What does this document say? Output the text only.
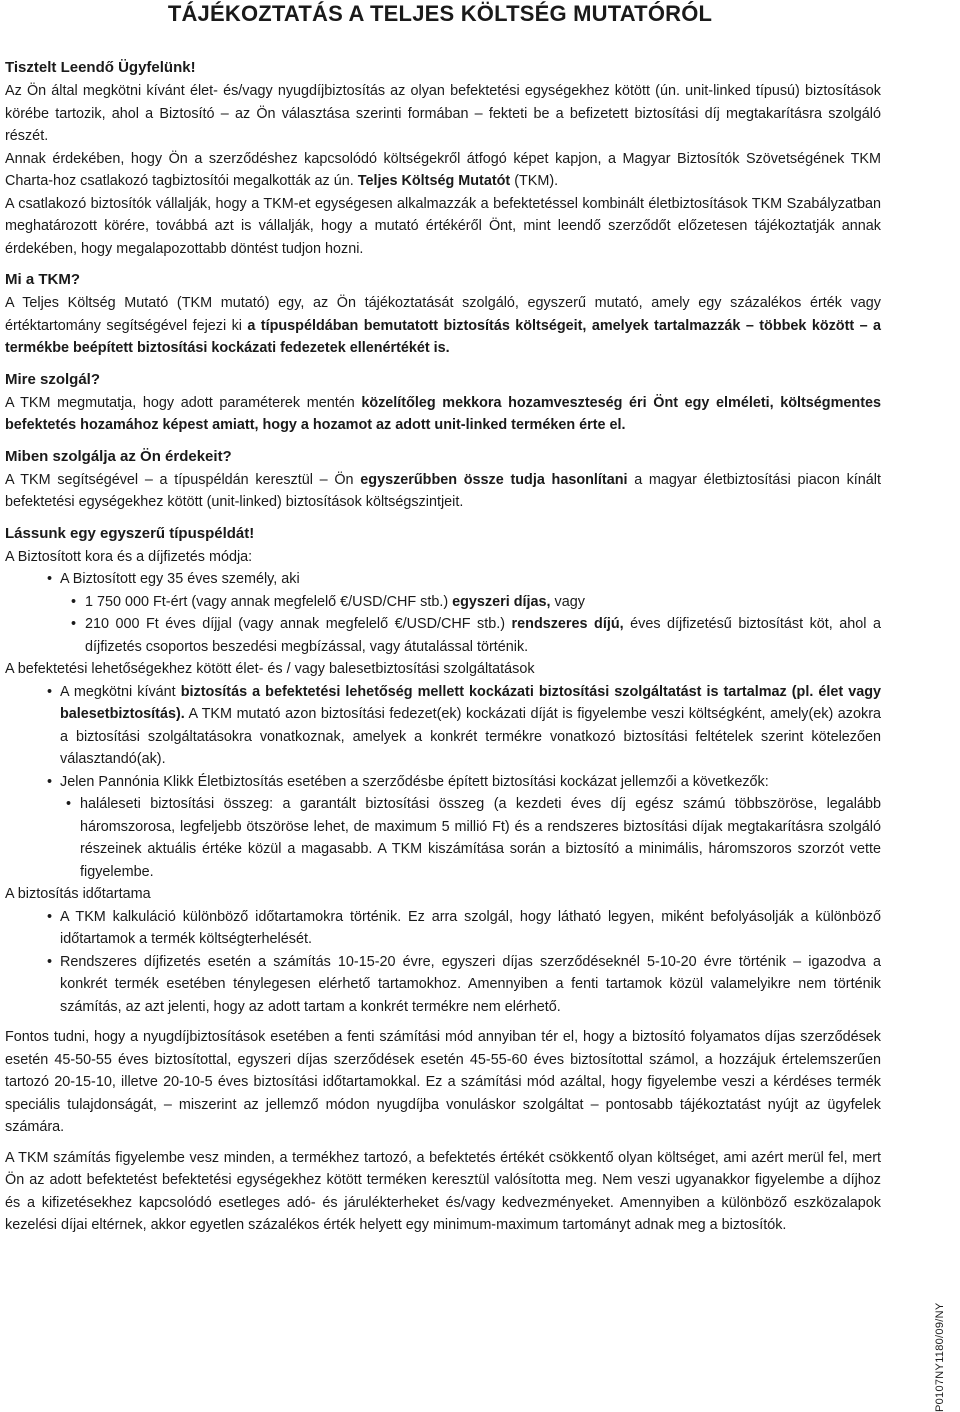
TÁJÉKOZTATÁS A TELJES KÖLTSÉG MUTATÓRÓL

Tisztelt Leendő Ügyfelünk!

Az Ön által megkötni kívánt élet- és/vagy nyugdíjbiztosítás az olyan befektetési egységekhez kötött (ún. unit-linked típusú) biztosítások körébe tartozik, ahol a Biztosító – az Ön választása szerinti formában – fekteti be a befizetett biztosítási díj megtakarításra szolgáló részét.

Annak érdekében, hogy Ön a szerződéshez kapcsolódó költségekről átfogó képet kapjon, a Magyar Biztosítók Szövetségének TKM Charta-hoz csatlakozó tagbiztosítói megalkották az ún. Teljes Költség Mutatót (TKM).

A csatlakozó biztosítók vállalják, hogy a TKM-et egységesen alkalmazzák a befektetéssel kombinált életbiztosítások TKM Szabályzatban meghatározott körére, továbbá azt is vállalják, hogy a mutató értékéről Önt, mint leendő szerződőt előzetesen tájékoztatják annak érdekében, hogy megalapozottabb döntést tudjon hozni.

Mi a TKM?

A Teljes Költség Mutató (TKM mutató) egy, az Ön tájékoztatását szolgáló, egyszerű mutató, amely egy százalékos érték vagy értéktartomány segítségével fejezi ki a típuspéldában bemutatott biztosítás költségeit, amelyek tartalmazzák – többek között – a termékbe beépített biztosítási kockázati fedezetek ellenértékét is.

Mire szolgál?

A TKM megmutatja, hogy adott paraméterek mentén közelítőleg mekkora hozamveszteség éri Önt egy elméleti, költségmentes befektetés hozamához képest amiatt, hogy a hozamot az adott unit-linked terméken érte el.

Miben szolgálja az Ön érdekeit?

A TKM segítségével – a típuspéldán keresztül – Ön egyszerűbben össze tudja hasonlítani a magyar életbiztosítási piacon kínált befektetési egységekhez kötött (unit-linked) biztosítások költségszintjeit.

Lássunk egy egyszerű típuspéldát!

A Biztosított kora és a díjfizetés módja:

• A Biztosított egy 35 éves személy, aki
• 1 750 000 Ft-ért (vagy annak megfelelő €/USD/CHF stb.) egyszeri díjas, vagy
• 210 000 Ft éves díjjal (vagy annak megfelelő €/USD/CHF stb.) rendszeres díjú, éves díjfizetésű biztosítást köt, ahol a díjfizetés csoportos beszedési megbízással, vagy átutalással történik.

A befektetési lehetőségekhez kötött élet- és / vagy balesetbiztosítási szolgáltatások

• A megkötni kívánt biztosítás a befektetési lehetőség mellett kockázati biztosítási szolgáltatást is tartalmaz (pl. élet vagy balesetbiztosítás). A TKM mutató azon biztosítási fedezet(ek) kockázati díját is figyelembe veszi költségként, amely(ek) azokra a biztosítási szolgáltatásokra vonatkoznak, amelyek a konkrét termékre vonatkozó biztosítási feltételek szerint kötelezően választandó(ak).
• Jelen Pannónia Klikk Életbiztosítás esetében a szerződésbe épített biztosítási kockázat jellemzői a következők:
• haláleseti biztosítási összeg: a garantált biztosítási összeg (a kezdeti éves díj egész számú többszöröse, legalább háromszorosa, legfeljebb ötszöröse lehet, de maximum 5 millió Ft) és a rendszeres biztosítási díjak megtakarításra szolgáló részeinek aktuális értéke közül a magasabb. A TKM kiszámítása során a biztosító a minimális, háromszoros szorzót vette figyelembe.

A biztosítás időtartama

• A TKM kalkuláció különböző időtartamokra történik. Ez arra szolgál, hogy látható legyen, miként befolyásolják a különböző időtartamok a termék költségterhelését.
• Rendszeres díjfizetés esetén a számítás 10-15-20 évre, egyszeri díjas szerződéseknél 5-10-20 évre történik – igazodva a konkrét termék esetében ténylegesen elérhető tartamokhoz. Amennyiben a fenti tartamok közül valamelyikre nem történik számítás, az azt jelenti, hogy az adott tartam a konkrét termékre nem elérhető.

Fontos tudni, hogy a nyugdíjbiztosítások esetében a fenti számítási mód annyiban tér el, hogy a biztosító folyamatos díjas szerződések esetén 45-50-55 éves biztosítottal, egyszeri díjas szerződések esetén 45-55-60 éves biztosítottal számol, a hozzájuk értelemszerűen tartozó 20-15-10, illetve 20-10-5 éves biztosítási időtartamokkal. Ez a számítási mód azáltal, hogy figyelembe veszi a kérdéses termék speciális tulajdonságát, – miszerint az jellemző módon nyugdíjba vonuláskor szolgáltat – pontosabb tájékoztatást nyújt az ügyfelek számára.

A TKM számítás figyelembe vesz minden, a termékhez tartozó, a befektetés értékét csökkentő olyan költséget, ami azért merül fel, mert Ön az adott befektetést befektetési egységekhez kötött terméken keresztül valósította meg. Nem veszi ugyanakkor figyelembe a díjhoz és a kifizetésekhez kapcsolódó esetleges adó- és járulékterheket és/vagy kedvezményeket. Amennyiben a különböző eszközalapok kezelési díjai eltérnek, akkor egyetlen százalékos érték helyett egy minimum-maximum tartományt adnak meg a biztosítók.

P0107NY1180/09/NY
